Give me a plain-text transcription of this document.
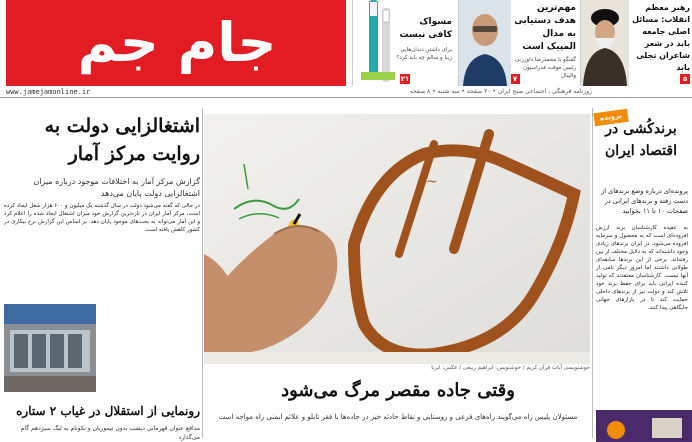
جام جم
www.jamejamonline.ir	روزنامه فرهنگی ، اجتماعی صبح ایران • ۲۰ صفحه • سه شنبه • ۸ صفحه
مسواک کافی نیست
برای داشتن دندان‌هایی زیبا و سالم چه باید کرد؟
۲۱
مهم‌ترین هدف دستیابی به مدال المپیک است
گفتگو با محمدرضا داورزنی رئیس موقت فدراسیون والیبال
۷
رهبر معظم انقلاب: مسائل اصلی جامعه باید در شعر شاعران تجلی یابد
۵
اشتغالزایی دولت به روایت مرکز آمار
گزارش مرکز آمار به اختلافات موجود درباره میزان اشتغالزایی دولت پایان می‌دهد
در حالی که گفته می‌شود دولت در سال گذشته یک میلیون و ۶۰۰ هزار شغل ایجاد کرده است، مرکز آمار ایران در تازه‌ترین گزارش خود میزان اشتغال ایجاد شده را اعلام کرد و این آمار می‌تواند به بحث‌های موجود پایان دهد. بر اساس این گزارش نرخ بیکاری در کشور کاهش یافته است.
رونمایی از استقلال در غیاب ۲ ستاره
مدافع عنوان قهرمانی دیشب بدون تیموریان و نکونام به لیگ سیزدهم گام می‌گذارد
~
خوشنویسی آیات قرآن کریم / خوشنویس: ابراهیم ربیعی / عکس: ایرنا
وقتی جاده مقصر مرگ می‌شود
مسئولان پلیس راه می‌گویند راه‌های فرعی و روستایی و نقاط حادثه خیز در جاده‌ها با فقر تابلو و علائم ایمنی راه مواجه است
پرونده
برندکُشی در اقتصاد ایران
پرونده‌ای درباره وضع برندهای از دست رفته و برندهای ایرانی در صفحات ۱۰ تا ۱۱ بخوانید
به عقیده کارشناسان برند ارزش افزوده‌ای است که به محصول و سرمایه افزوده می‌شود. در ایران برندهای زیادی وجود داشته‌اند که به دلایل مختلف از بین رفته‌اند. برخی از این برندها سابقه‌ای طولانی داشتند اما امروز دیگر نامی از آنها نیست. کارشناسان معتقدند که تولید کننده ایرانی باید برای حفظ برند خود تلاش کند و دولت نیز از برندهای داخلی حمایت کند تا در بازارهای جهانی جایگاهی پیدا کنند.
